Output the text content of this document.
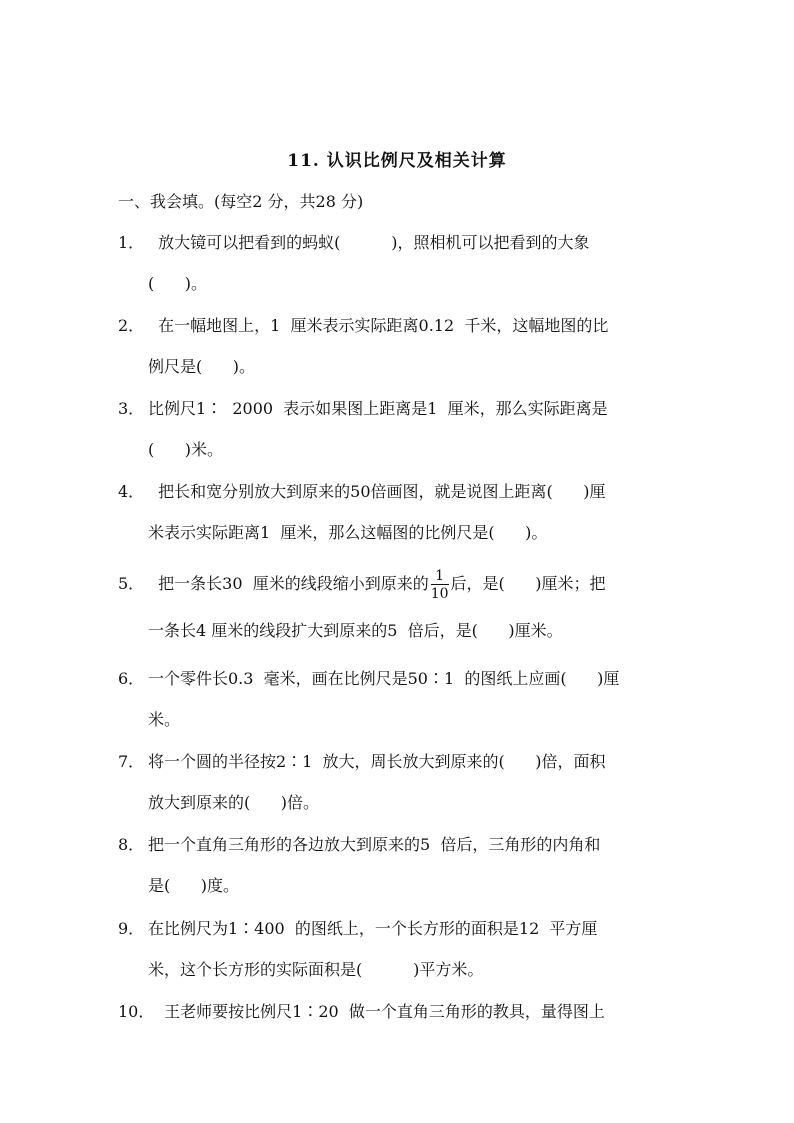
11. 认识比例尺及相关计算
一、我会填。(每空2 分，共28 分)
1．  放大镜可以把看到的蚂蚁(          )，照相机可以把看到的大象
(      )。
2．  在一幅地图上，1  厘米表示实际距离0.12  千米，这幅地图的比
例尺是(      )。
3． 比例尺1∶  2000  表示如果图上距离是1  厘米，那么实际距离是
(      )米。
4．  把长和宽分别放大到原来的50倍画图，就是说图上距离(      )厘
米表示实际距离1  厘米，那么这幅图的比例尺是(      )。
5．  把一条长30  厘米的线段缩小到原来的 $\frac{1}{10}$ 后，是(      )厘米；把
一条长4 厘米的线段扩大到原来的5  倍后，是(      )厘米。
6． 一个零件长0.3  毫米，画在比例尺是50∶1  的图纸上应画(      )厘
米。
7． 将一个圆的半径按2∶1  放大，周长放大到原来的(      )倍，面积
放大到原来的(      )倍。
8． 把一个直角三角形的各边放大到原来的5  倍后，三角形的内角和
是(      )度。
9． 在比例尺为1∶400  的图纸上，一个长方形的面积是12  平方厘
米，这个长方形的实际面积是(          )平方米。
10．  王老师要按比例尺1∶20  做一个直角三角形的教具，量得图上
